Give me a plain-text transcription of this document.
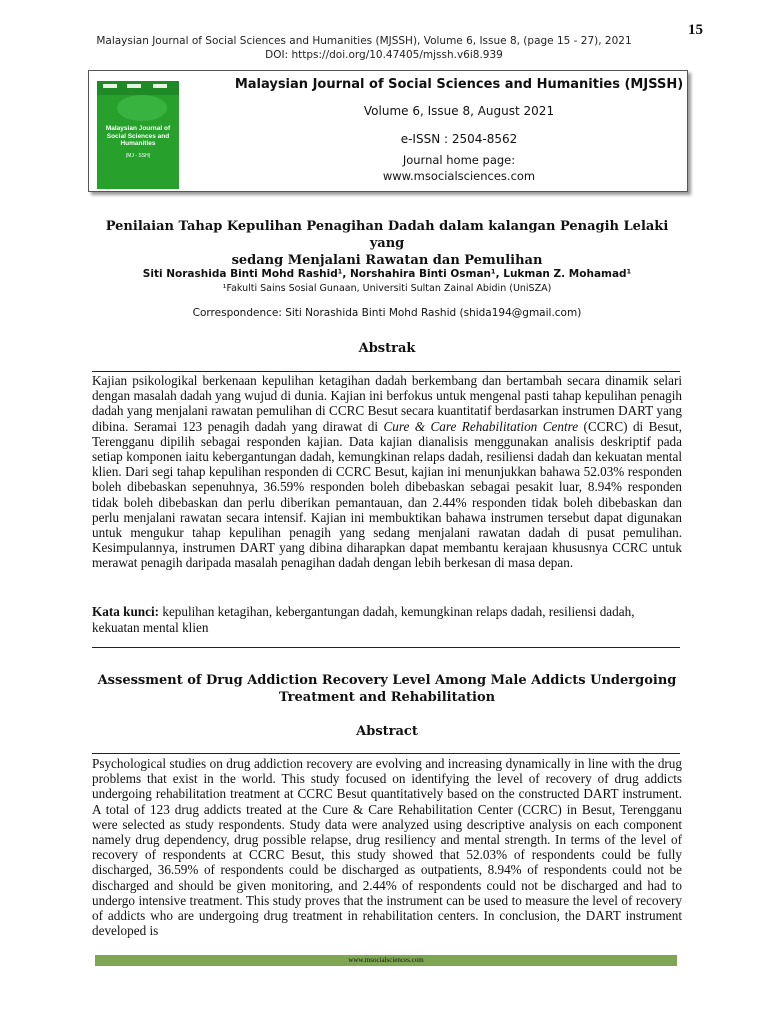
15
Malaysian Journal of Social Sciences and Humanities (MJSSH), Volume 6, Issue 8, (page 15 - 27), 2021
DOI: https://doi.org/10.47405/mjssh.v6i8.939
Malaysian Journal of Social Sciences and Humanities
(MJ - SSH)
Malaysian Journal of Social Sciences and Humanities (MJSSH)
Volume 6, Issue 8, August 2021
e-ISSN : 2504-8562
Journal home page:
www.msocialsciences.com
Penilaian Tahap Kepulihan Penagihan Dadah dalam kalangan Penagih Lelaki yang
sedang Menjalani Rawatan dan Pemulihan
Siti Norashida Binti Mohd Rashid¹, Norshahira Binti Osman¹, Lukman Z. Mohamad¹
¹Fakulti Sains Sosial Gunaan, Universiti Sultan Zainal Abidin (UniSZA)
Correspondence: Siti Norashida Binti Mohd Rashid (shida194@gmail.com)
Abstrak

Kajian psikologikal berkenaan kepulihan ketagihan dadah berkembang dan bertambah secara dinamik selari dengan masalah dadah yang wujud di dunia. Kajian ini berfokus untuk mengenal pasti tahap kepulihan penagih dadah yang menjalani rawatan pemulihan di CCRC Besut secara kuantitatif berdasarkan instrumen DART yang dibina. Seramai 123 penagih dadah yang dirawat di Cure & Care Rehabilitation Centre (CCRC) di Besut, Terengganu dipilih sebagai responden kajian. Data kajian dianalisis menggunakan analisis deskriptif pada setiap komponen iaitu kebergantungan dadah, kemungkinan relaps dadah, resiliensi dadah dan kekuatan mental klien. Dari segi tahap kepulihan responden di CCRC Besut, kajian ini menunjukkan bahawa 52.03% responden boleh dibebaskan sepenuhnya, 36.59% responden boleh dibebaskan sebagai pesakit luar, 8.94% responden tidak boleh dibebaskan dan perlu diberikan pemantauan, dan 2.44% responden tidak boleh dibebaskan dan perlu menjalani rawatan secara intensif. Kajian ini membuktikan bahawa instrumen tersebut dapat digunakan untuk mengukur tahap kepulihan penagih yang sedang menjalani rawatan dadah di pusat pemulihan. Kesimpulannya, instrumen DART yang dibina diharapkan dapat membantu kerajaan khususnya CCRC untuk merawat penagih daripada masalah penagihan dadah dengan lebih berkesan di masa depan.

Kata kunci: kepulihan ketagihan, kebergantungan dadah, kemungkinan relaps dadah, resiliensi dadah, kekuatan mental klien
Assessment of Drug Addiction Recovery Level Among Male Addicts Undergoing
Treatment and Rehabilitation
Abstract

Psychological studies on drug addiction recovery are evolving and increasing dynamically in line with the drug problems that exist in the world. This study focused on identifying the level of recovery of drug addicts undergoing rehabilitation treatment at CCRC Besut quantitatively based on the constructed DART instrument. A total of 123 drug addicts treated at the Cure & Care Rehabilitation Center (CCRC) in Besut, Terengganu were selected as study respondents. Study data were analyzed using descriptive analysis on each component namely drug dependency, drug possible relapse, drug resiliency and mental strength. In terms of the level of recovery of respondents at CCRC Besut, this study showed that 52.03% of respondents could be fully discharged, 36.59% of respondents could be discharged as outpatients, 8.94% of respondents could not be discharged and should be given monitoring, and 2.44% of respondents could not be discharged and had to undergo intensive treatment. This study proves that the instrument can be used to measure the level of recovery of addicts who are undergoing drug treatment in rehabilitation centers. In conclusion, the DART instrument developed is

www.msocialsciences.com
